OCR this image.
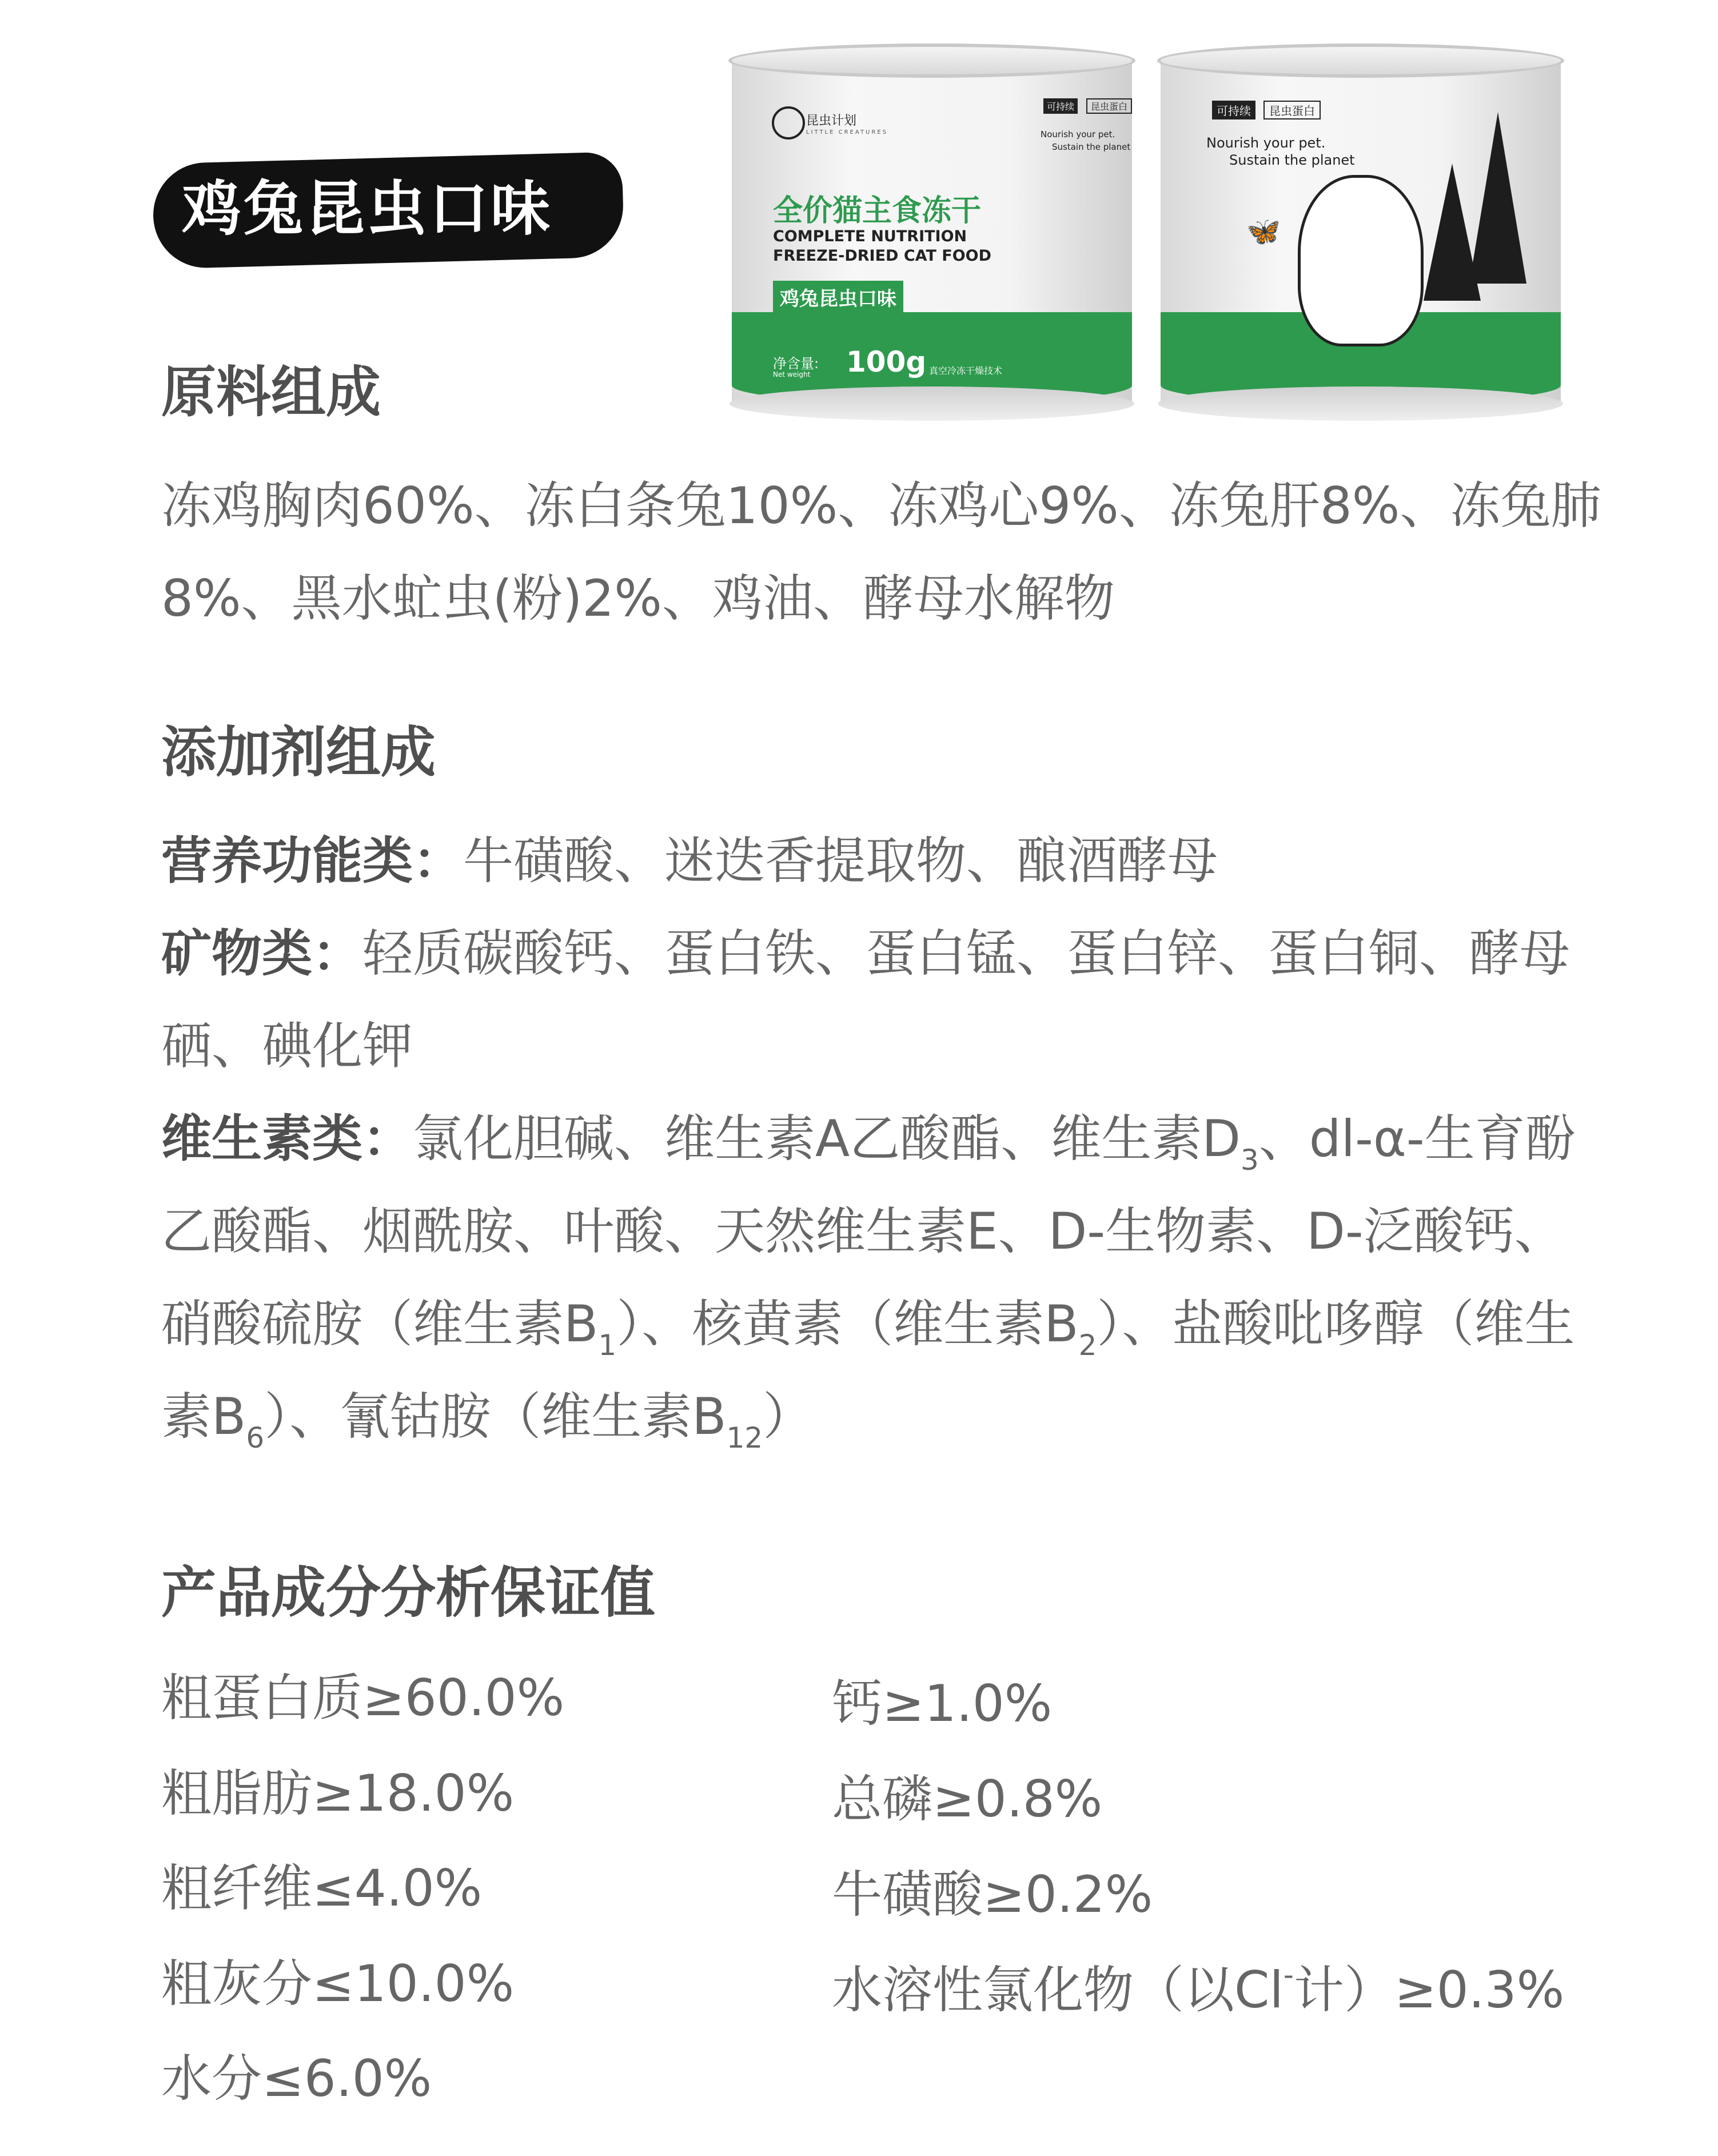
鸡兔昆虫口味
昆虫计划
LITTLE CREATURES
可持续	昆虫蛋白
Nourish your pet.
Sustain the planet
全价猫主食冻干
COMPLETE NUTRITION
FREEZE-DRIED CAT FOOD
鸡兔昆虫口味
净含量:
Net weight 100g 真空冷冻干燥技术
可持续	昆虫蛋白
Nourish your pet.
Sustain the planet
🦋
原料组成
冻鸡胸肉60%、冻白条兔10%、冻鸡心9%、冻兔肝8%、冻兔肺8%、黑水虻虫(粉)2%、鸡油、酵母水解物
添加剂组成
营养功能类：牛磺酸、迷迭香提取物、酿酒酵母
矿物类：轻质碳酸钙、蛋白铁、蛋白锰、蛋白锌、蛋白铜、酵母硒、碘化钾
维生素类：氯化胆碱、维生素A乙酸酯、维生素$D_3$、dl-α-生育酚乙酸酯、烟酰胺、叶酸、天然维生素E、D-生物素、D-泛酸钙、硝酸硫胺（维生素$B_1$）、核黄素（维生素$B_2$）、盐酸吡哆醇（维生素$B_6$）、氰钴胺（维生素$B_{12}$）
产品成分分析保证值
粗蛋白质≥60.0%
粗脂肪≥18.0%
粗纤维≤4.0%
粗灰分≤10.0%
水分≤6.0%
钙≥1.0%
总磷≥0.8%
牛磺酸≥0.2%
水溶性氯化物（以Cl-计）≥0.3%
